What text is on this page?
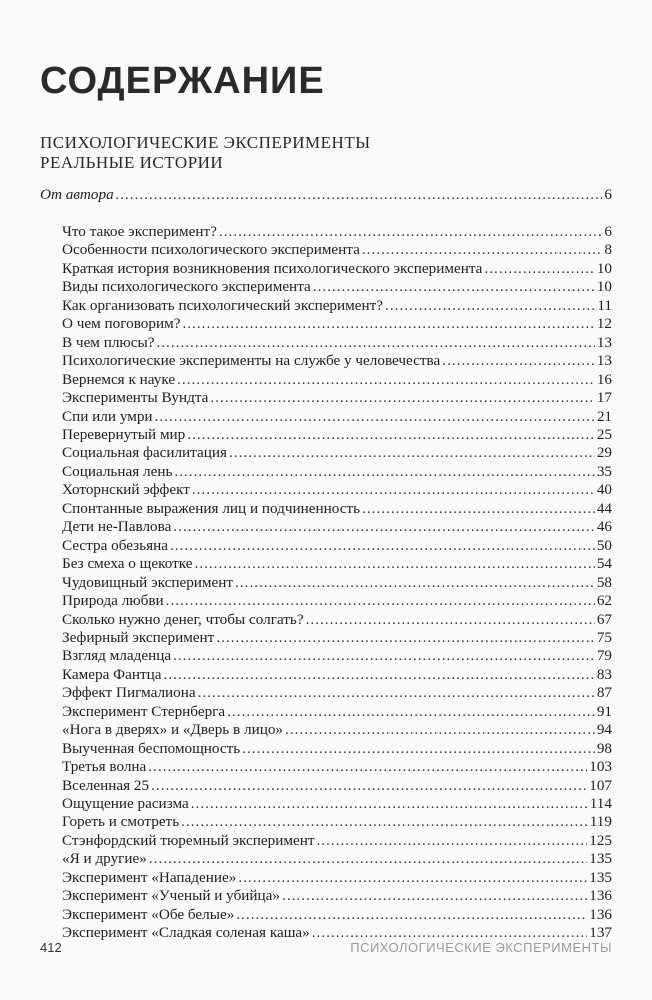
СОДЕРЖАНИЕ
ПСИХОЛОГИЧЕСКИЕ ЭКСПЕРИМЕНТЫ
РЕАЛЬНЫЕ ИСТОРИИ
От автора .....	6
Что такое эксперимент? .....	6
Особенности психологического эксперимента .....	8
Краткая история возникновения психологического эксперимента .....	10
Виды психологического эксперимента .....	10
Как организовать психологический эксперимент? .....	11
О чем поговорим? .....	12
В чем плюсы? .....	13
Психологические эксперименты на службе у человечества .....	13
Вернемся к науке .....	16
Эксперименты Вундта .....	17
Спи или умри .....	21
Перевернутый мир .....	25
Социальная фасилитация .....	29
Социальная лень .....	35
Хоторнский эффект .....	40
Спонтанные выражения лиц и подчиненность .....	44
Дети не-Павлова .....	46
Сестра обезьяна .....	50
Без смеха о щекотке .....	54
Чудовищный эксперимент .....	58
Природа любви .....	62
Сколько нужно денег, чтобы солгать? .....	67
Зефирный эксперимент .....	75
Взгляд младенца .....	79
Камера Фантца .....	83
Эффект Пигмалиона .....	87
Эксперимент Стернберга .....	91
«Нога в дверях» и «Дверь в лицо» .....	94
Выученная беспомощность .....	98
Третья волна .....	103
Вселенная 25 .....	107
Ощущение расизма .....	114
Гореть и смотреть .....	119
Стэнфордский тюремный эксперимент .....	125
«Я и другие» .....	135
Эксперимент «Нападение» .....	135
Эксперимент «Ученый и убийца» .....	136
Эксперимент «Обе белые» .....	136
Эксперимент «Сладкая соленая каша» .....	137
412	ПСИХОЛОГИЧЕСКИЕ ЭКСПЕРИМЕНТЫ
